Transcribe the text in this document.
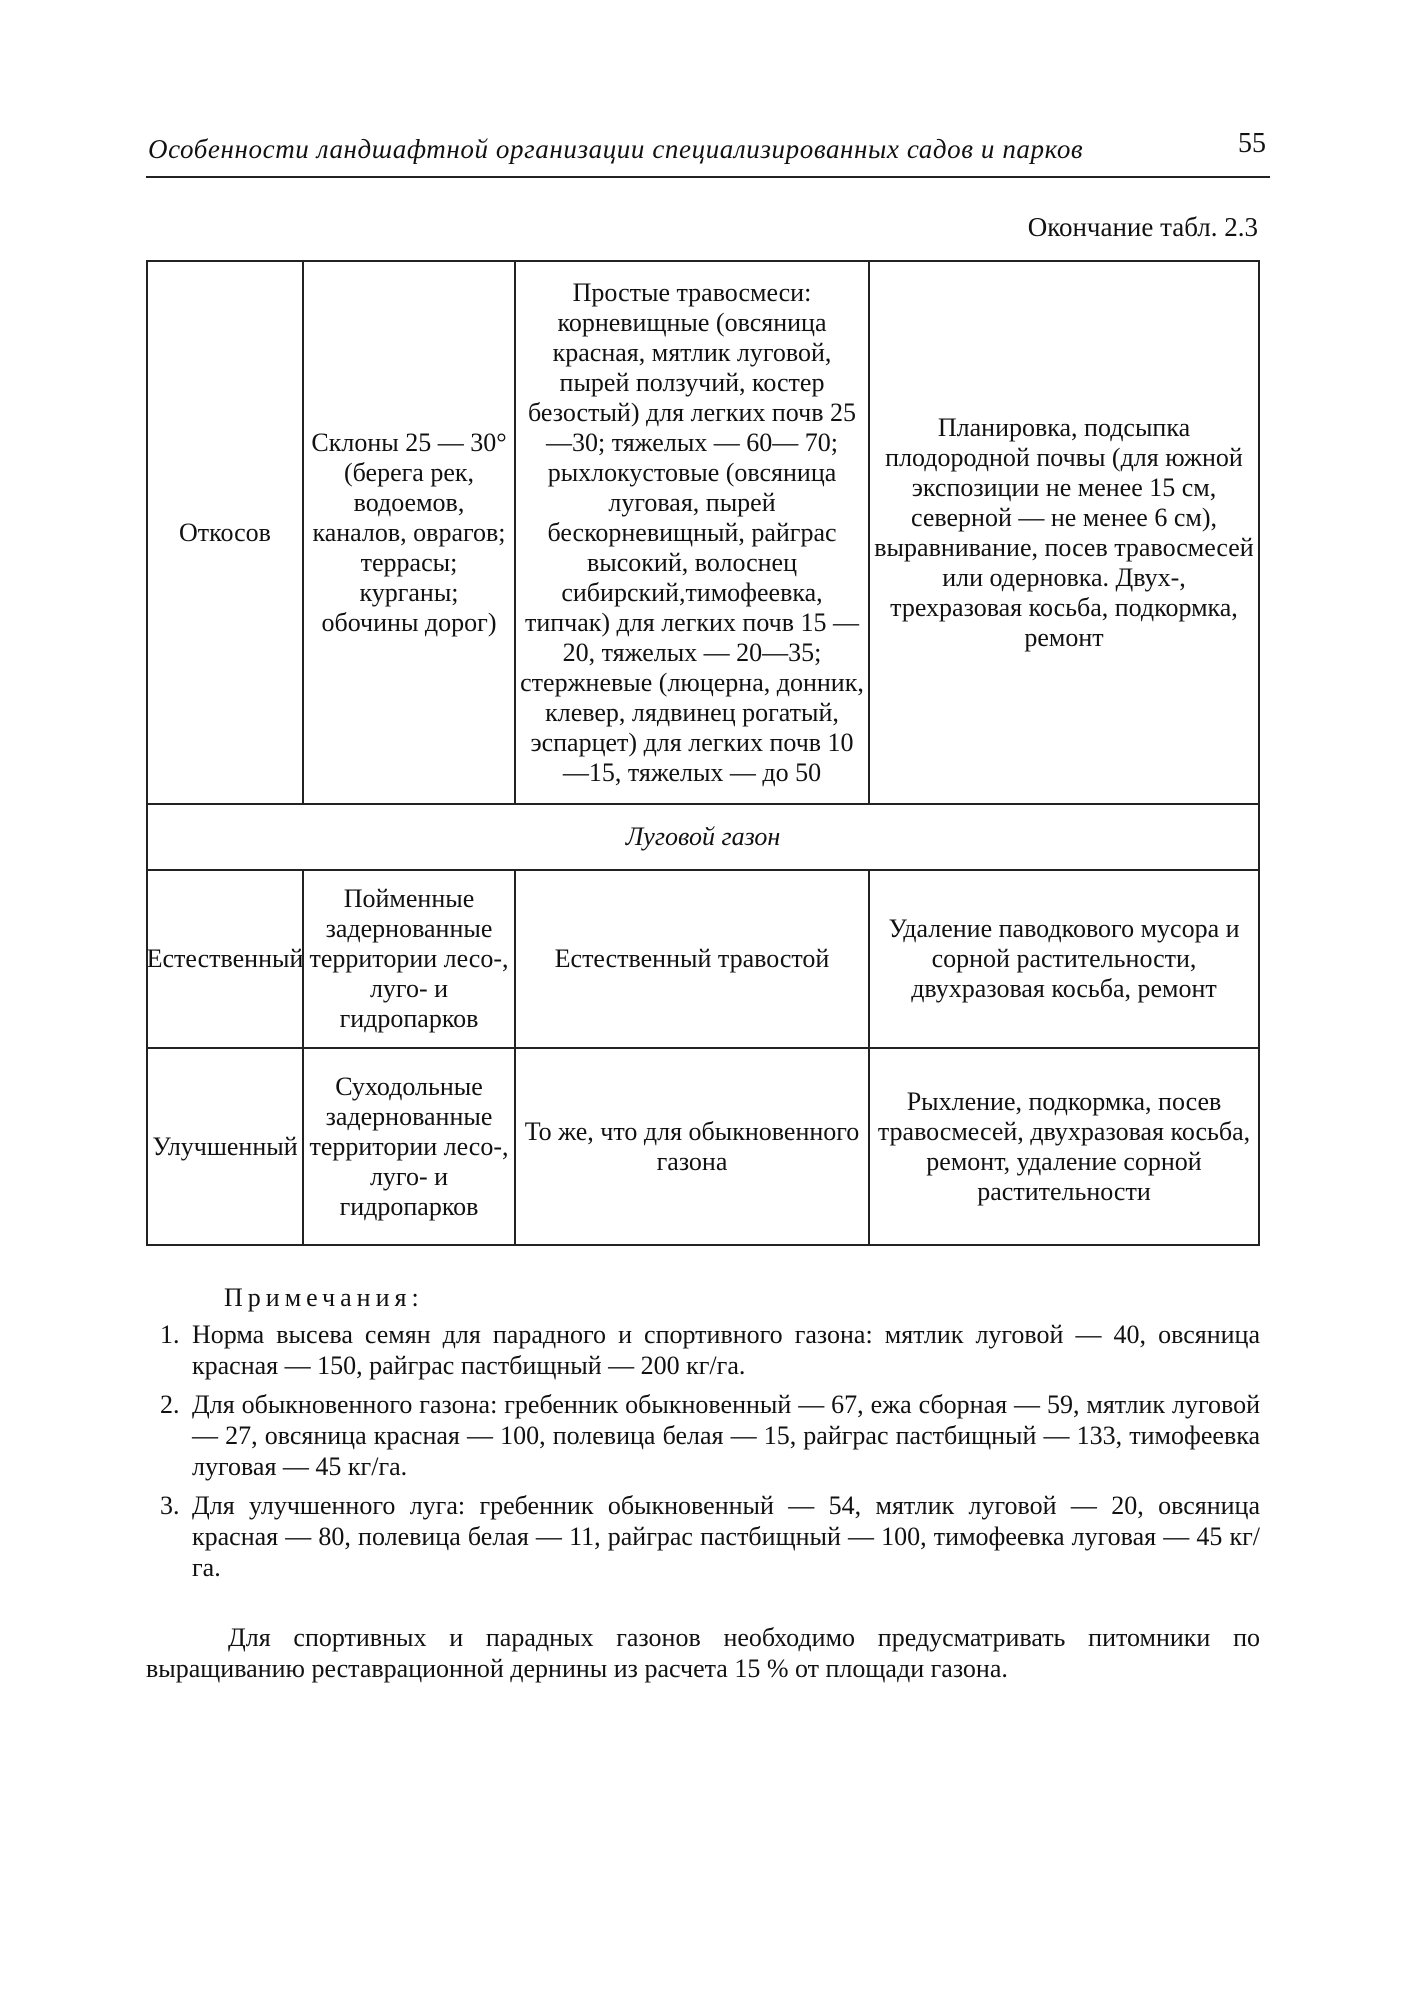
Особенности ландшафтной организации специализированных садов и парков	55
Окончание табл. 2.3
Откосов
Склоны 25 — 30° (берега рек, водоемов, каналов, оврагов; террасы; курганы; обочины дорог)
Простые травосмеси: корневищные (овсяница красная, мятлик луговой, пырей ползучий, костер безостый) для легких почв 25—30; тяжелых — 60— 70; рыхлокустовые (овсяница луговая, пырей бескорневищный, райграс высокий, волоснец сибирский,тимофеевка, типчак) для легких почв 15 — 20, тяжелых — 20—35; стержневые (люцерна, донник, клевер, лядвинец рогатый, эспарцет) для легких почв 10—15, тяжелых — до 50
Планировка, подсыпка плодородной почвы (для южной экспозиции не менее 15 см, северной — не менее 6 см), выравнивание, посев травосмесей или одерновка. Двух-, трехразовая косьба, подкормка, ремонт
Луговой газон
Естественный
Пойменные задернованные территории лесо-, луго- и гидропарков
Естественный травостой
Удаление паводкового мусора и сорной растительности, двухразовая косьба, ремонт
Улучшенный
Суходольные задернованные территории лесо-, луго- и гидропарков
То же, что для обыкновенного газона
Рыхление, подкормка, посев травосмесей, двухразовая косьба, ремонт, удаление сорной растительности
Примечания:
1. Норма высева семян для парадного и спортивного газона: мятлик луговой — 40, овсяница красная — 150, райграс пастбищный — 200 кг/га.
2. Для обыкновенного газона: гребенник обыкновенный — 67, ежа сборная — 59, мятлик луговой — 27, овсяница красная — 100, полевица белая — 15, райграс пастбищный — 133, тимофеевка луговая — 45 кг/га.
3. Для улучшенного луга: гребенник обыкновенный — 54, мятлик луговой — 20, овсяница красная — 80, полевица белая — 11, райграс пастбищный — 100, тимофеевка луговая — 45 кг/га.
Для спортивных и парадных газонов необходимо предусматривать питомники по выращиванию реставрационной дернины из расчета 15 % от площади газона.
